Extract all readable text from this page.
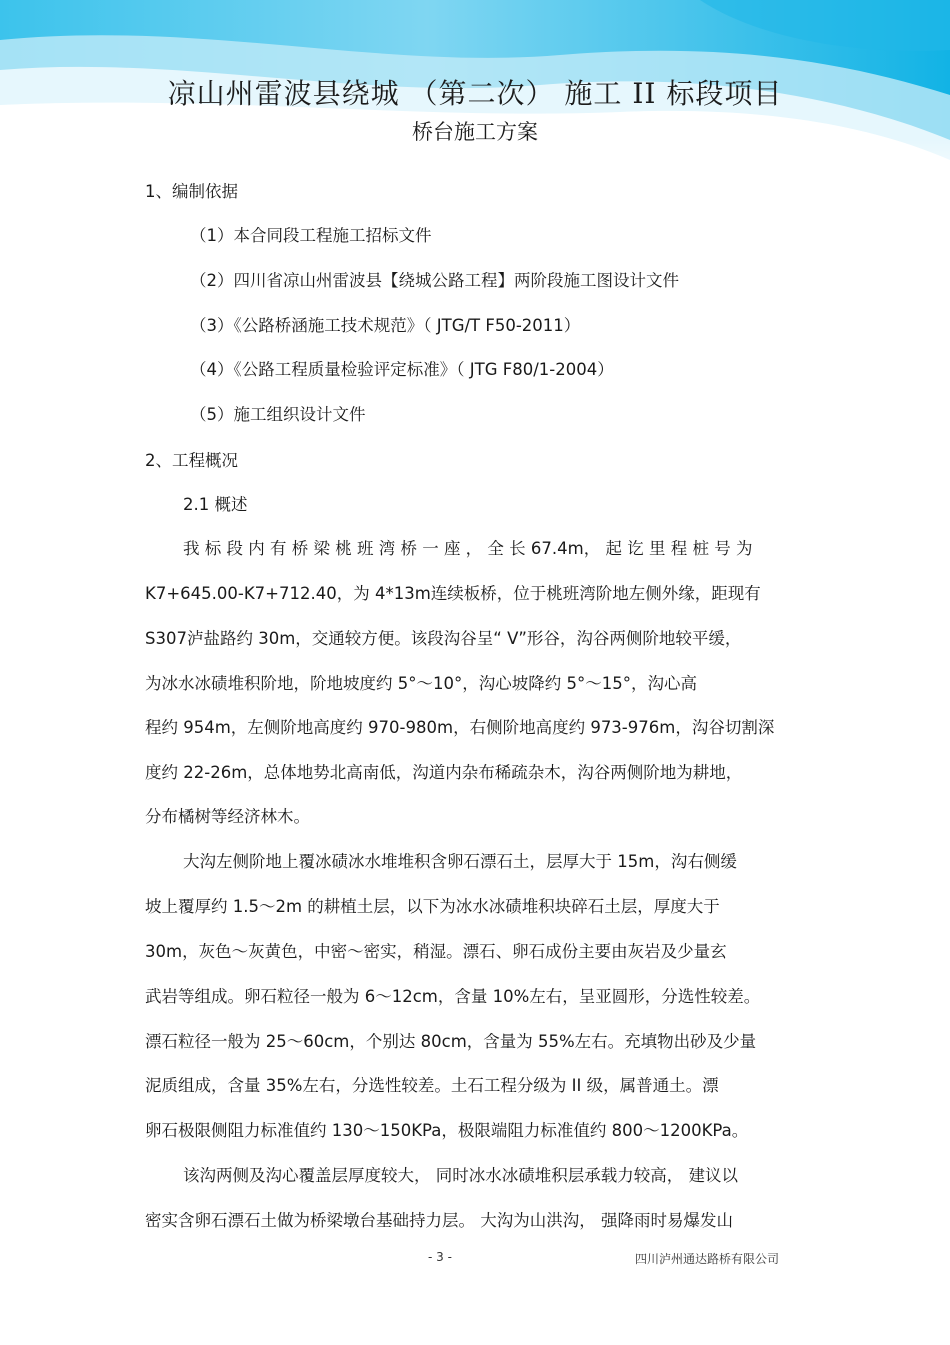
凉山州雷波县绕城 （第二次） 施工 II 标段项目
桥台施工方案
1、编制依据
（1）本合同段工程施工招标文件
（2）四川省凉山州雷波县【绕城公路工程】两阶段施工图设计文件
（3）《公路桥涵施工技术规范》（ JTG/T F50-2011）
（4）《公路工程质量检验评定标准》（ JTG F80/1-2004）
（5）施工组织设计文件
2、工程概况
2.1 概述
我 标 段 内 有 桥 梁 桃 班 湾 桥 一 座 ， 全 长 67.4m， 起 讫 里 程 桩 号 为
K7+645.00-K7+712.40，为 4*13m连续板桥，位于桃班湾阶地左侧外缘，距现有
S307泸盐路约 30m，交通较方便。该段沟谷呈“ V”形谷，沟谷两侧阶地较平缓，
为冰水冰碛堆积阶地，阶地坡度约 5°～10°，沟心坡降约 5°～15°，沟心高
程约 954m，左侧阶地高度约 970-980m，右侧阶地高度约 973-976m，沟谷切割深
度约 22-26m，总体地势北高南低，沟道内杂布稀疏杂木，沟谷两侧阶地为耕地，
分布橘树等经济林木。
大沟左侧阶地上覆冰碛冰水堆堆积含卵石漂石土，层厚大于 15m，沟右侧缓
坡上覆厚约 1.5～2m 的耕植土层，以下为冰水冰碛堆积块碎石土层，厚度大于
30m，灰色～灰黄色，中密～密实，稍湿。漂石、卵石成份主要由灰岩及少量玄
武岩等组成。卵石粒径一般为 6～12cm，含量 10%左右，呈亚圆形，分选性较差。
漂石粒径一般为 25～60cm，个别达 80cm，含量为 55%左右。充填物出砂及少量
泥质组成，含量 35%左右，分选性较差。土石工程分级为 II 级，属普通土。漂
卵石极限侧阻力标准值约 130～150KPa，极限端阻力标准值约 800～1200KPa。
该沟两侧及沟心覆盖层厚度较大， 同时冰水冰碛堆积层承载力较高， 建议以
密实含卵石漂石土做为桥梁墩台基础持力层。 大沟为山洪沟， 强降雨时易爆发山
- 3 -	四川泸州通达路桥有限公司
